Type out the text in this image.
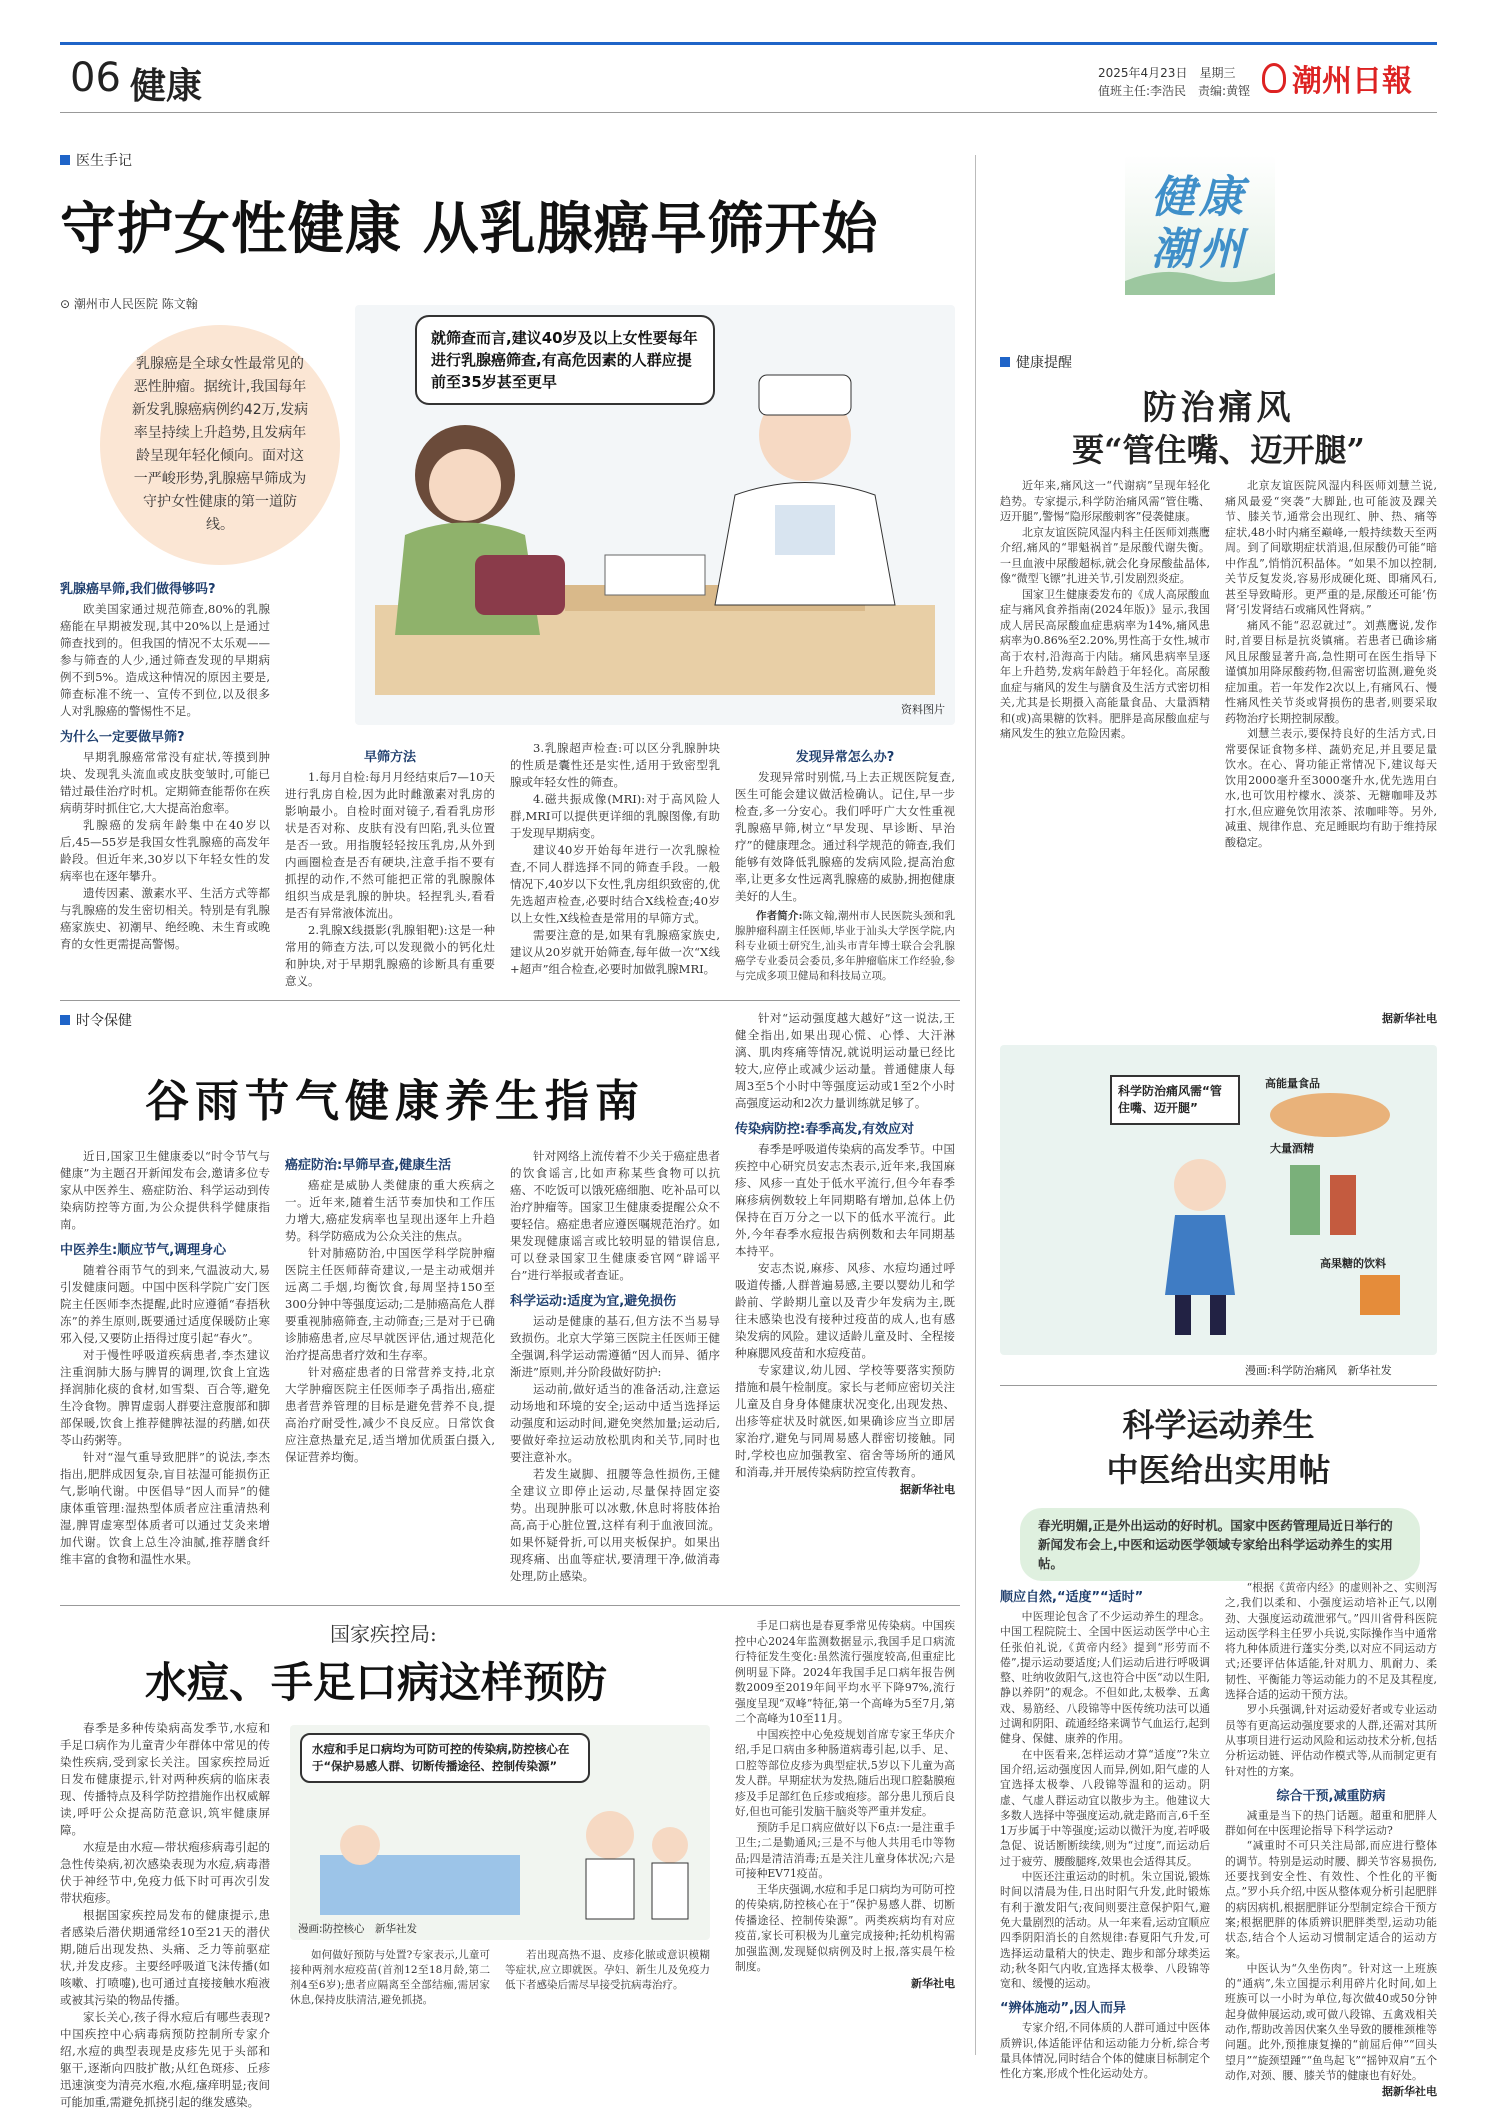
06 健康	2025年4月23日　星期三
值班主任:李浩民　责编:黄铿 潮州日報
医生手记
守护女性健康 从乳腺癌早筛开始
⊙ 潮州市人民医院 陈文翰
乳腺癌是全球女性最常见的恶性肿瘤。据统计,我国每年新发乳腺癌病例约42万,发病率呈持续上升趋势,且发病年龄呈现年轻化倾向。面对这一严峻形势,乳腺癌早筛成为守护女性健康的第一道防线。
就筛查而言,建议40岁及以上女性要每年进行乳腺癌筛查,有高危因素的人群应提前至35岁甚至更早
资料图片
乳腺癌早筛,我们做得够吗?
欧美国家通过规范筛查,80%的乳腺癌能在早期被发现,其中20%以上是通过筛查找到的。但我国的情况不太乐观——参与筛查的人少,通过筛查发现的早期病例不到5%。造成这种情况的原因主要是,筛查标准不统一、宣传不到位,以及很多人对乳腺癌的警惕性不足。
为什么一定要做早筛?
早期乳腺癌常常没有症状,等摸到肿块、发现乳头流血或皮肤变皱时,可能已错过最佳治疗时机。定期筛查能帮你在疾病萌芽时抓住它,大大提高治愈率。
乳腺癌的发病年龄集中在40岁以后,45—55岁是我国女性乳腺癌的高发年龄段。但近年来,30岁以下年轻女性的发病率也在逐年攀升。
遗传因素、激素水平、生活方式等都与乳腺癌的发生密切相关。特别是有乳腺癌家族史、初潮早、绝经晚、未生育或晚育的女性更需提高警惕。
早筛方法
1.每月自检:每月月经结束后7—10天进行乳房自检,因为此时雌激素对乳房的影响最小。自检时面对镜子,看看乳房形状是否对称、皮肤有没有凹陷,乳头位置是否一致。用指腹轻轻按压乳房,从外到内画圈检查是否有硬块,注意手指不要有抓捏的动作,不然可能把正常的乳腺腺体组织当成是乳腺的肿块。轻捏乳头,看看是否有异常液体流出。
2.乳腺X线摄影(乳腺钼靶):这是一种常用的筛查方法,可以发现微小的钙化灶和肿块,对于早期乳腺癌的诊断具有重要意义。
3.乳腺超声检查:可以区分乳腺肿块的性质是囊性还是实性,适用于致密型乳腺或年轻女性的筛查。
4.磁共振成像(MRI):对于高风险人群,MRI可以提供更详细的乳腺图像,有助于发现早期病变。
建议40岁开始每年进行一次乳腺检查,不同人群选择不同的筛查手段。一般情况下,40岁以下女性,乳房组织致密的,优先选超声检查,必要时结合X线检查;40岁以上女性,X线检查是常用的早筛方式。
需要注意的是,如果有乳腺癌家族史,建议从20岁就开始筛查,每年做一次“X线+超声”组合检查,必要时加做乳腺MRI。
发现异常怎么办?
发现异常时别慌,马上去正规医院复查,医生可能会建议做活检确认。记住,早一步检查,多一分安心。我们呼吁广大女性重视乳腺癌早筛,树立“早发现、早诊断、早治疗”的健康理念。通过科学规范的筛查,我们能够有效降低乳腺癌的发病风险,提高治愈率,让更多女性远离乳腺癌的威胁,拥抱健康美好的人生。
作者简介:陈文翰,潮州市人民医院头颈和乳腺肿瘤科副主任医师,毕业于汕头大学医学院,内科专业硕士研究生,汕头市青年博士联合会乳腺癌学专业委员会委员,多年肿瘤临床工作经验,参与完成多项卫健局和科技局立项。
时令保健
谷雨节气健康养生指南
近日,国家卫生健康委以“时令节气与健康”为主题召开新闻发布会,邀请多位专家从中医养生、癌症防治、科学运动到传染病防控等方面,为公众提供科学健康指南。
中医养生:顺应节气,调理身心
随着谷雨节气的到来,气温波动大,易引发健康问题。中国中医科学院广安门医院主任医师李杰提醒,此时应遵循“春捂秋冻”的养生原则,既要通过适度保暖防止寒邪入侵,又要防止捂得过度引起“春火”。
对于慢性呼吸道疾病患者,李杰建议注重润肺大肠与脾胃的调理,饮食上宜选择润肺化痰的食材,如雪梨、百合等,避免生冷食物。脾胃虚弱人群要注意腹部和脚部保暖,饮食上推荐健脾祛湿的药膳,如茯苓山药粥等。
针对“湿气重导致肥胖”的说法,李杰指出,肥胖成因复杂,盲目祛湿可能损伤正气,影响代谢。中医倡导“因人而异”的健康体重管理:湿热型体质者应注重清热利湿,脾胃虚寒型体质者可以通过艾灸来增加代谢。饮食上总生冷油腻,推荐膳食纤维丰富的食物和温性水果。
癌症防治:早筛早查,健康生活
癌症是威胁人类健康的重大疾病之一。近年来,随着生活节奏加快和工作压力增大,癌症发病率也呈现出逐年上升趋势。科学防癌成为公众关注的焦点。
针对肺癌防治,中国医学科学院肿瘤医院主任医师薛奇建议,一是主动戒烟并远离二手烟,均衡饮食,每周坚持150至300分钟中等强度运动;二是肺癌高危人群要重视肺癌筛查,主动筛查;三是对于已确诊肺癌患者,应尽早就医评估,通过规范化治疗提高患者疗效和生存率。
针对癌症患者的日常营养支持,北京大学肿瘤医院主任医师李子禹指出,癌症患者营养管理的目标是避免营养不良,提高治疗耐受性,减少不良反应。日常饮食应注意热量充足,适当增加优质蛋白摄入,保证营养均衡。
针对网络上流传着不少关于癌症患者的饮食谣言,比如声称某些食物可以抗癌、不吃饭可以饿死癌细胞、吃补品可以治疗肿瘤等。国家卫生健康委提醒公众不要轻信。癌症患者应遵医嘱规范治疗。如果发现健康谣言或比较明显的错误信息,可以登录国家卫生健康委官网“辟谣平台”进行举报或者查证。
科学运动:适度为宜,避免损伤
运动是健康的基石,但方法不当易导致损伤。北京大学第三医院主任医师王健全强调,科学运动需遵循“因人而异、循序渐进”原则,并分阶段做好防护:
运动前,做好适当的准备活动,注意运动场地和环境的安全;运动中适当选择运动强度和运动时间,避免突然加量;运动后,要做好牵拉运动放松肌肉和关节,同时也要注意补水。
若发生崴脚、扭腰等急性损伤,王健全建议立即停止运动,尽量保持固定姿势。出现肿胀可以冰敷,休息时将肢体抬高,高于心脏位置,这样有利于血液回流。如果怀疑骨折,可以用夹板保护。如果出现疼痛、出血等症状,要清理干净,做消毒处理,防止感染。
针对“运动强度越大越好”这一说法,王健全指出,如果出现心慌、心悸、大汗淋漓、肌肉疼痛等情况,就说明运动量已经比较大,应停止或减少运动量。普通健康人每周3至5个小时中等强度运动或1至2个小时高强度运动和2次力量训练就足够了。
传染病防控:春季高发,有效应对
春季是呼吸道传染病的高发季节。中国疾控中心研究员安志杰表示,近年来,我国麻疹、风疹一直处于低水平流行,但今年春季麻疹病例数较上年同期略有增加,总体上仍保持在百万分之一以下的低水平流行。此外,今年春季水痘报告病例数和去年同期基本持平。
安志杰说,麻疹、风疹、水痘均通过呼吸道传播,人群普遍易感,主要以婴幼儿和学龄前、学龄期儿童以及青少年发病为主,既往未感染也没有接种过疫苗的成人,也有感染发病的风险。建议适龄儿童及时、全程接种麻腮风疫苗和水痘疫苗。
专家建议,幼儿园、学校等要落实预防措施和晨午检制度。家长与老师应密切关注儿童及自身身体健康状况变化,出现发热、出疹等症状及时就医,如果确诊应当立即居家治疗,避免与同周易感人群密切接触。同时,学校也应加强教室、宿舍等场所的通风和消毒,并开展传染病防控宣传教育。
据新华社电
国家疾控局:
水痘、手足口病这样预防
春季是多种传染病高发季节,水痘和手足口病作为儿童青少年群体中常见的传染性疾病,受到家长关注。国家疾控局近日发布健康提示,针对两种疾病的临床表现、传播特点及科学防控措施作出权威解读,呼吁公众提高防范意识,筑牢健康屏障。
水痘是由水痘—带状疱疹病毒引起的急性传染病,初次感染表现为水痘,病毒潜伏于神经节中,免疫力低下时可再次引发带状疱疹。
根据国家疾控局发布的健康提示,患者感染后潜伏期通常经10至21天的潜伏期,随后出现发热、头痛、乏力等前驱症状,并发皮疹。主要经呼吸道飞沫传播(如咳嗽、打喷嚏),也可通过直接接触水疱液或被其污染的物品传播。
家长关心,孩子得水痘后有哪些表现?中国疾控中心病毒病预防控制所专家介绍,水痘的典型表现是皮疹先见于头部和躯干,逐渐向四肢扩散;从红色斑疹、丘疹迅速演变为清亮水疱,水疱,瘙痒明显;夜间可能加重,需避免抓挠引起的继发感染。
水痘和手足口病均为可防可控的传染病,防控核心在于“保护易感人群、切断传播途径、控制传染源”
漫画:防控核心　新华社发
如何做好预防与处置?专家表示,儿童可接种两剂水痘疫苗(首剂12至18月龄,第二剂4至6岁);患者应隔离至全部结痂,需居家休息,保持皮肤清洁,避免抓挠。
若出现高热不退、皮疹化脓或意识模糊等症状,应立即就医。孕妇、新生儿及免疫力低下者感染后需尽早接受抗病毒治疗。
手足口病也是春夏季常见传染病。中国疾控中心2024年监测数据显示,我国手足口病流行特征发生变化:虽然流行强度较高,但重症比例明显下降。2024年我国手足口病年报告例数2009至2019年间平均水平下降97%,流行强度呈现“双峰”特征,第一个高峰为5至7月,第二个高峰为10至11月。
中国疾控中心免疫规划首席专家王华庆介绍,手足口病由多种肠道病毒引起,以手、足、口腔等部位皮疹为典型症状,5岁以下儿童为高发人群。早期症状为发热,随后出现口腔黏膜疱疹及手足部红色丘疹或疱疹。部分患儿预后良好,但也可能引发脑干脑炎等严重并发症。
预防手足口病应做好以下6点:一是注重手卫生;二是勤通风;三是不与他人共用毛巾等物品;四是清洁消毒;五是关注儿童身体状况;六是可接种EV71疫苗。
王华庆强调,水痘和手足口病均为可防可控的传染病,防控核心在于“保护易感人群、切断传播途径、控制传染源”。两类疾病均有对应疫苗,家长可积极为儿童完成接种;托幼机构需加强监测,发现疑似病例及时上报,落实晨午检制度。
新华社电
健康
潮州
健康提醒
防治痛风
要“管住嘴、迈开腿”
近年来,痛风这一“代谢病”呈现年轻化趋势。专家提示,科学防治痛风需“管住嘴、迈开腿”,警惕“隐形尿酸刺客”侵袭健康。
北京友谊医院风湿内科主任医师刘燕鹰介绍,痛风的“罪魁祸首”是尿酸代谢失衡。一旦血液中尿酸超标,就会化身尿酸盐晶体,像“微型飞镖”扎进关节,引发剧烈炎症。
国家卫生健康委发布的《成人高尿酸血症与痛风食养指南(2024年版)》显示,我国成人居民高尿酸血症患病率为14%,痛风患病率为0.86%至2.20%,男性高于女性,城市高于农村,沿海高于内陆。痛风患病率呈逐年上升趋势,发病年龄趋于年轻化。高尿酸血症与痛风的发生与膳食及生活方式密切相关,尤其是长期摄入高能量食品、大量酒精和(或)高果糖的饮料。肥胖是高尿酸血症与痛风发生的独立危险因素。
北京友谊医院风湿内科医师刘慧兰说,痛风最爱“突袭”大脚趾,也可能波及踝关节、膝关节,通常会出现红、肿、热、痛等症状,48小时内痛至巅峰,一般持续数天至两周。到了间歇期症状消退,但尿酸仍可能“暗中作乱”,悄悄沉积晶体。“如果不加以控制,关节反复发炎,容易形成硬化斑、即痛风石,甚至导致畸形。更严重的是,尿酸还可能‘伤肾’引发肾结石或痛风性肾病。”
痛风不能“忍忍就过”。刘燕鹰说,发作时,首要目标是抗炎镇痛。若患者已确诊痛风且尿酸显著升高,急性期可在医生指导下谨慎加用降尿酸药物,但需密切监测,避免炎症加重。若一年发作2次以上,有痛风石、慢性痛风性关节炎或肾损伤的患者,则要采取药物治疗长期控制尿酸。
刘慧兰表示,要保持良好的生活方式,日常要保证食物多样、蔬奶充足,并且要足量饮水。在心、肾功能正常情况下,建议每天饮用2000毫升至3000毫升水,优先选用白水,也可饮用柠檬水、淡茶、无糖咖啡及苏打水,但应避免饮用浓茶、浓咖啡等。另外,减重、规律作息、充足睡眠均有助于维持尿酸稳定。
据新华社电
科学防治痛风需“管住嘴、迈开腿”
高能量食品
大量酒精
高果糖的饮料
漫画:科学防治痛风　新华社发
科学运动养生
中医给出实用帖
春光明媚,正是外出运动的好时机。国家中医药管理局近日举行的新闻发布会上,中医和运动医学领域专家给出科学运动养生的实用帖。
顺应自然,“适度”“适时”
中医理论包含了不少运动养生的理念。中国工程院院士、全国中医运动医学中心主任张伯礼说,《黄帝内经》提到“形劳而不倦”,提示运动要适度;人们运动后进行呼吸调整、吐纳收敛阳气,这也符合中医“动以生阳,静以养阴”的观念。不但如此,太极拳、五禽戏、易筋经、八段锦等中医传统功法可以通过调和阴阳、疏通经络来调节气血运行,起到健身、保健、康养的作用。
在中医看来,怎样运动才算“适度”?朱立国介绍,运动强度因人而异,例如,阳气虚的人宜选择太极拳、八段锦等温和的运动。阴虚、气虚人群运动宜以散步为主。他建议大多数人选择中等强度运动,就走路而言,6千至1万步属于中等强度;运动以微汗为度,若呼吸急促、说话断断续续,则为“过度”,而运动后过于疲劳、腰酸腿疼,效果也会适得其反。
中医还注重运动的时机。朱立国说,锻炼时间以清晨为佳,日出时阳气升发,此时锻炼有利于激发阳气;夜间则要注意保护阳气,避免大量剧烈的活动。从一年来看,运动宜顺应四季阴阳消长的自然规律:春夏阳气升发,可选择运动量稍大的快走、跑步和部分球类运动;秋冬阳气内收,宜选择太极拳、八段锦等宽和、缓慢的运动。
“辨体施动”,因人而异
专家介绍,不同体质的人群可通过中医体质辨识,体适能评估和运动能力分析,综合考量具体情况,同时结合个体的健康目标制定个性化方案,形成个性化运动处方。
“根据《黄帝内经》的虚则补之、实则泻之,我们以柔和、小强度运动培补正气,以刚劲、大强度运动疏泄邪气。”四川省骨科医院运动医学科主任罗小兵说,实际操作当中通常将九种体质进行蓬实分类,以对应不同运动方式;还要评估体适能,针对肌力、肌耐力、柔韧性、平衡能力等运动能力的不足及其程度,选择合适的运动干预方法。
罗小兵强调,针对运动爱好者或专业运动员等有更高运动强度要求的人群,还需对其所从事项目进行运动风险和运动技术分析,包括分析运动链、评估动作模式等,从而制定更有针对性的方案。
综合干预,减重防病
减重是当下的热门话题。超重和肥胖人群如何在中医理论指导下科学运动?
“减重时不可只关注局部,而应进行整体的调节。特别是运动时腰、脚关节容易损伤,还要找到安全性、有效性、个性化的平衡点。”罗小兵介绍,中医从整体观分析引起肥胖的病因病机,根据肥胖证分型制定综合干预方案;根据肥胖的体质辨识肥胖类型,运动功能状态,结合个人运动习惯制定适合的运动方案。
中医认为“久坐伤肉”。针对这一上班族的“通病”,朱立国提示利用碎片化时间,如上班族可以一小时为单位,每次做40或50分钟起身做伸展运动,或可做八段锦、五禽戏相关动作,帮助改善因伏案久坐导致的腰椎颈椎等问题。此外,预推康复操的“前屈后伸”“回头望月”“旋颈望踵”“鱼鸟起飞”“摇钟双肩”五个动作,对颈、腰、膝关节的健康也有好处。
据新华社电
